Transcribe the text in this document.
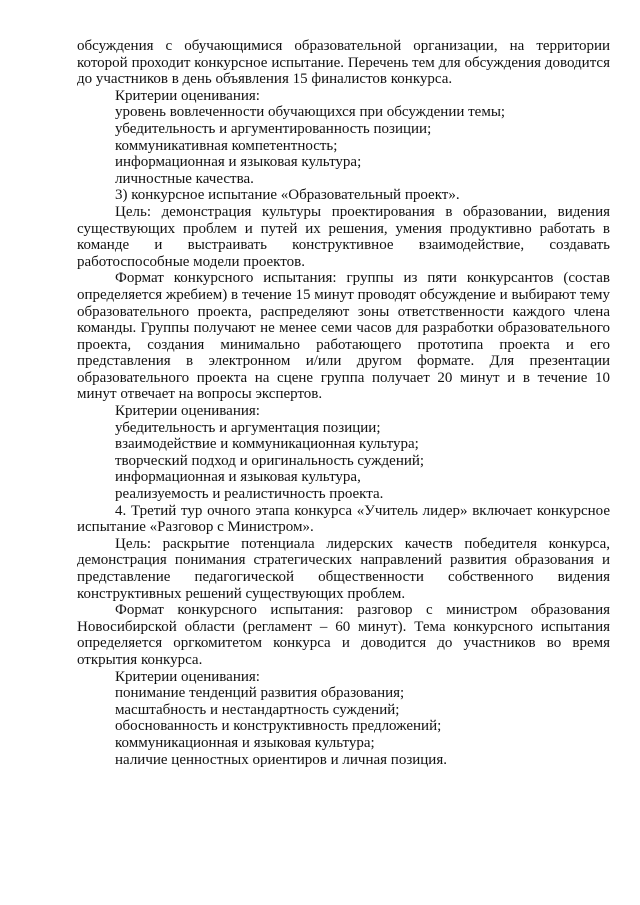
обсуждения с обучающимися образовательной организации, на территории которой проходит конкурсное испытание. Перечень тем для обсуждения доводится до участников в день объявления 15 финалистов конкурса.

Критерии оценивания:

уровень вовлеченности обучающихся при обсуждении темы;

убедительность и аргументированность позиции;

коммуникативная компетентность;

информационная и языковая культура;

личностные качества.

3) конкурсное испытание «Образовательный проект».

Цель: демонстрация культуры проектирования в образовании, видения существующих проблем и путей их решения, умения продуктивно работать в команде и выстраивать конструктивное взаимодействие, создавать работоспособные модели проектов.

Формат конкурсного испытания: группы из пяти конкурсантов (состав определяется жребием) в течение 15 минут проводят обсуждение и выбирают тему образовательного проекта, распределяют зоны ответственности каждого члена команды. Группы получают не менее семи часов для разработки образовательного проекта, создания минимально работающего прототипа проекта и его представления в электронном и/или другом формате. Для презентации образовательного проекта на сцене группа получает 20 минут и в течение 10 минут отвечает на вопросы экспертов.

Критерии оценивания:

убедительность и аргументация позиции;

взаимодействие и коммуникационная культура;

творческий подход и оригинальность суждений;

информационная и языковая культура,

реализуемость и реалистичность проекта.

4. Третий тур очного этапа конкурса «Учитель лидер» включает конкурсное испытание «Разговор с Министром».

Цель: раскрытие потенциала лидерских качеств победителя конкурса, демонстрация понимания стратегических направлений развития образования и представление педагогической общественности собственного видения конструктивных решений существующих проблем.

Формат конкурсного испытания: разговор с министром образования Новосибирской области (регламент – 60 минут). Тема конкурсного испытания определяется оргкомитетом конкурса и доводится до участников во время открытия конкурса.

Критерии оценивания:

понимание тенденций развития образования;

масштабность и нестандартность суждений;

обоснованность и конструктивность предложений;

коммуникационная и языковая культура;

наличие ценностных ориентиров и личная позиция.
